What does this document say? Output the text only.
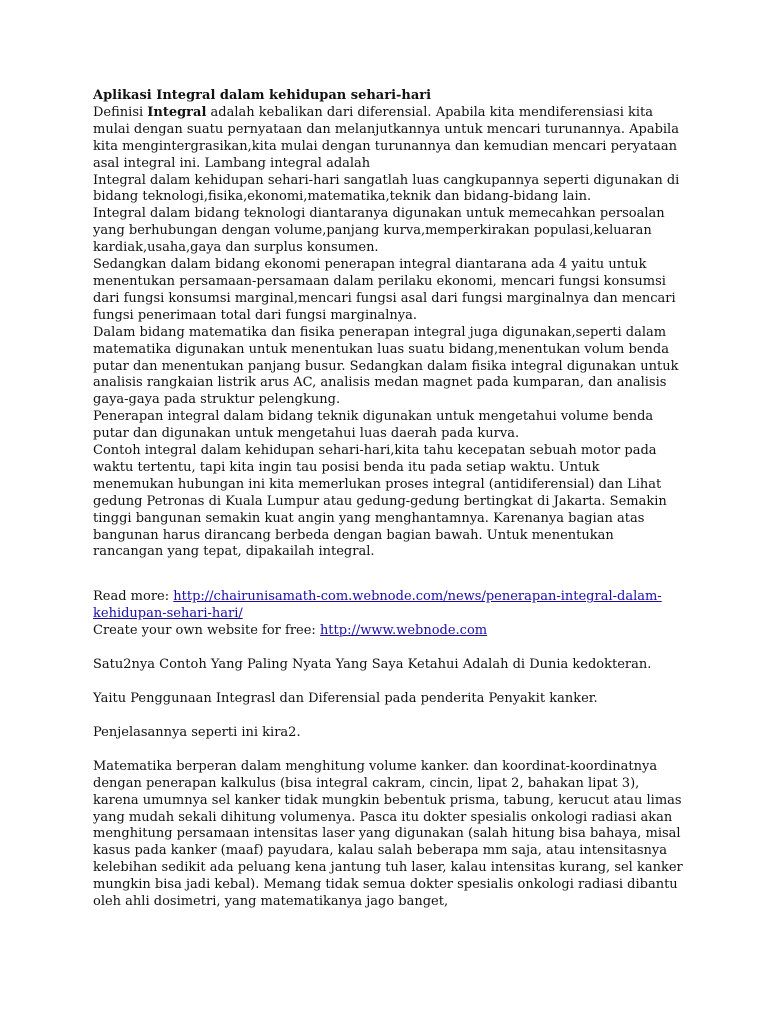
Aplikasi Integral dalam kehidupan sehari-hari

Definisi Integral adalah kebalikan dari diferensial. Apabila kita mendiferensiasi kita mulai dengan suatu pernyataan dan melanjutkannya untuk mencari turunannya. Apabila kita mengintergrasikan,kita mulai dengan turunannya dan kemudian mencari peryataan asal integral ini. Lambang integral adalah

Integral dalam kehidupan sehari-hari sangatlah luas cangkupannya seperti digunakan di bidang teknologi,fisika,ekonomi,matematika,teknik dan bidang-bidang lain.

Integral dalam bidang teknologi diantaranya digunakan untuk memecahkan persoalan yang berhubungan dengan volume,panjang kurva,memperkirakan populasi,keluaran kardiak,usaha,gaya dan surplus konsumen.

Sedangkan dalam bidang ekonomi penerapan integral diantarana ada 4 yaitu untuk menentukan persamaan-persamaan dalam perilaku ekonomi, mencari fungsi konsumsi dari fungsi konsumsi marginal,mencari fungsi asal dari fungsi marginalnya dan mencari fungsi penerimaan total dari fungsi marginalnya.

Dalam bidang matematika dan fisika penerapan integral juga digunakan,seperti dalam matematika digunakan untuk menentukan luas suatu bidang,menentukan volum benda putar dan menentukan panjang busur. Sedangkan dalam fisika integral digunakan untuk analisis rangkaian listrik arus AC, analisis medan magnet pada kumparan, dan analisis gaya-gaya pada struktur pelengkung.

Penerapan integral dalam bidang teknik digunakan untuk mengetahui volume benda putar dan digunakan untuk mengetahui luas daerah pada kurva.

Contoh integral dalam kehidupan sehari-hari,kita tahu kecepatan sebuah motor pada waktu tertentu, tapi kita ingin tau posisi benda itu pada setiap waktu. Untuk menemukan hubungan ini kita memerlukan proses integral (antidiferensial) dan Lihat gedung Petronas di Kuala Lumpur atau gedung-gedung bertingkat di Jakarta. Semakin tinggi bangunan semakin kuat angin yang menghantamnya. Karenanya bagian atas bangunan harus dirancang berbeda dengan bagian bawah. Untuk menentukan rancangan yang tepat, dipakailah integral.

Read more: http://chairunisamath-com.webnode.com/news/penerapan-integral-dalam-kehidupan-sehari-hari/

Create your own website for free: http://www.webnode.com

Satu2nya Contoh Yang Paling Nyata Yang Saya Ketahui Adalah di Dunia kedokteran.

Yaitu Penggunaan Integrasl dan Diferensial pada penderita Penyakit kanker.

Penjelasannya seperti ini kira2.

Matematika berperan dalam menghitung volume kanker. dan koordinat-koordinatnya dengan penerapan kalkulus (bisa integral cakram, cincin, lipat 2, bahakan lipat 3), karena umumnya sel kanker tidak mungkin bebentuk prisma, tabung, kerucut atau limas yang mudah sekali dihitung volumenya. Pasca itu dokter spesialis onkologi radiasi akan menghitung persamaan intensitas laser yang digunakan (salah hitung bisa bahaya, misal kasus pada kanker (maaf) payudara, kalau salah beberapa mm saja, atau intensitasnya kelebihan sedikit ada peluang kena jantung tuh laser, kalau intensitas kurang, sel kanker mungkin bisa jadi kebal). Memang tidak semua dokter spesialis onkologi radiasi dibantu oleh ahli dosimetri, yang matematikanya jago banget,
